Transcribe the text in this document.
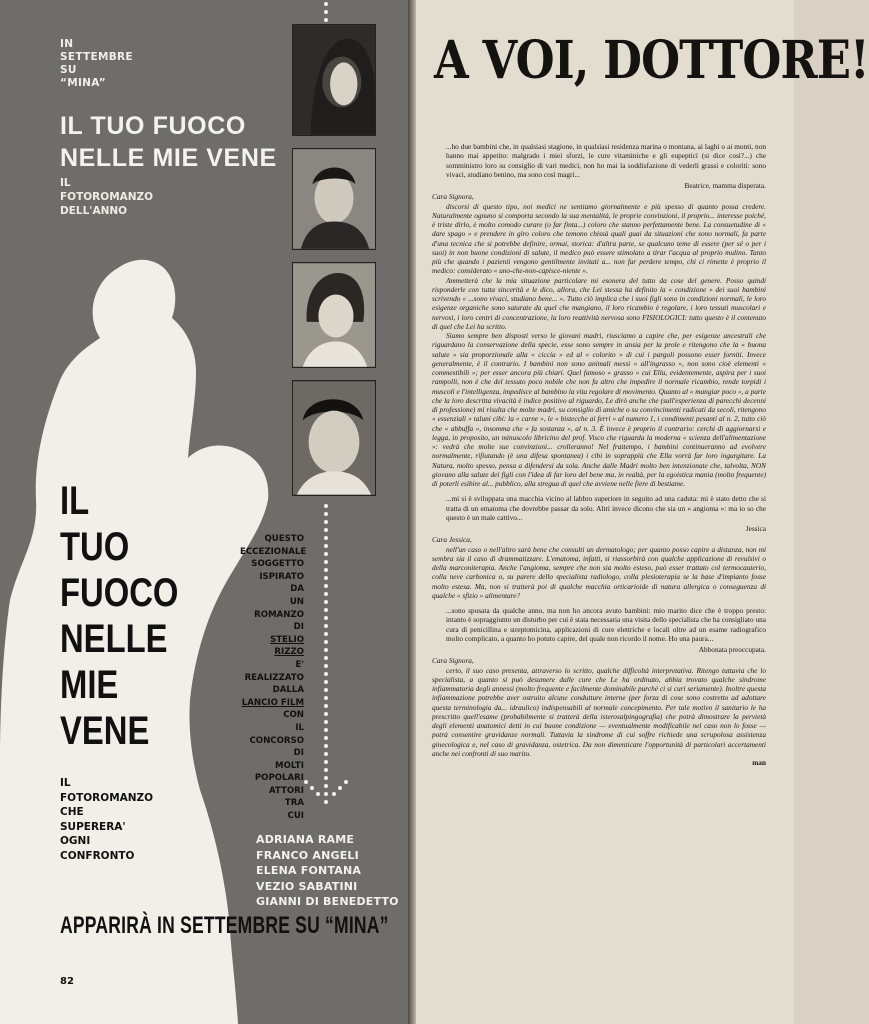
IN
SETTEMBRE
SU
“MINA”
IL TUO FUOCO
NELLE MIE VENE
IL
FOTOROMANZO
DELL'ANNO
IL
TUO
FUOCO
NELLE
MIE
VENE
QUESTO
ECCEZIONALE
SOGGETTO
ISPIRATO
DA
UN
ROMANZO
DI
STELIO RIZZO
E'
REALIZZATO
DALLA
LANCIO FILM
CON
IL
CONCORSO
DI
MOLTI
POPOLARI
ATTORI
TRA
CUI
IL
FOTOROMANZO
CHE
SUPERERA'
OGNI
CONFRONTO
ADRIANA RAME
FRANCO ANGELI
ELENA FONTANA
VEZIO SABATINI
GIANNI DI BENEDETTO
APPARIRÀ IN SETTEMBRE SU “MINA”
82
A VOI, DOTTORE!

...ho due bambini che, in qualsiasi stagione, in qualsiasi residenza marina o montana, ai laghi o ai monti, non hanno mai appetito: malgrado i miei sforzi, le cure vitaminiche e gli eupeptici (si dice così?...) che somministro loro su consiglio di vari medici, non ho mai la soddisfazione di vederli grassi e coloriti: sono vivaci, studiano benino, ma sono così magri...

Beatrice, mamma disperata.

Cara Signora,

discorsi di questo tipo, noi medici ne sentiamo giornalmente e più spesso di quanto possa credere. Naturalmente ognuno si comporta secondo la sua mentalità, le proprie convinzioni, il proprio... interesse poiché, è triste dirlo, è molto comodo curare (o far finta...) coloro che stanno perfettamente bene. La consuetudine di « dare spago » e prendere in giro coloro che temono chissà quali guai da situazioni che sono normali, fa parte d'una tecnica che si potrebbe definire, ormai, storica: d'altra parte, se qualcuno teme di essere (per sé o per i suoi) in non buone condizioni di salute, il medico può essere stimolato a tirar l'acqua al proprio mulino. Tanto più che quando i pazienti vengono gentilmente invitati a... non far perdere tempo, chi ci rimette è proprio il medico: considerato « uno-che-non-capisce-niente ».

Ammetterà che la mia situazione particolare mi esonera del tutto da cose del genere. Posso quindi risponderle con tutta sincerità e le dico, allora, che Lei stessa ha definito la « condizione » dei suoi bambini scrivendo « ...sono vivaci, studiano bene... ». Tutto ciò implica che i suoi figli sono in condizioni normali, le loro esigenze organiche sono saturate da quel che mangiano, il loro ricambio è regolare, i loro tessuti muscolari e nervosi, i loro centri di concentrazione, la loro reattività nervosa sono FISIOLOGICI: tutto questo è il contenuto di quel che Lei ha scritto.

Siamo sempre ben disposti verso le giovani madri, riusciamo a capire che, per esigenze ancestrali che riguardano la conservazione della specie, esse sono sempre in ansia per la prole e ritengono che la « buona salute » sia proporzionale alla « ciccia » ed al « colorito » di cui i pargoli possono esser forniti. Invece generalmente, è il contrario. I bambini non sono animali messi « all'ingrasso », non sono cioè elementi « commestibili »; per esser ancora più chiari. Quel famoso « grasso » cui Ella, evidentemente, aspira per i suoi rampolli, non è che del tessuto poco nobile che non fa altro che impedire il normale ricambio, rende torpidi i muscoli e l'intelligenza, impedisce al bambino la vita regolare di movimento. Quanto al « mangiar poco », a parte che la loro descritta vivacità è indice positivo al riguardo, Le dirò anche che (sull'esperienza di parecchi decenni di professione) mi risulta che molte madri, su consiglio di amiche o su convincimenti radicati da secoli, ritengono « essenziali » taluni cibi: la « carne », le « bistecche ai ferri » al numero 1, i condimenti pesanti al n. 2, tutto ciò che « abbuffa », insomma che « fa sostanza », al n. 3. È invece è proprio il contrario: cerchi di aggiornarsi e legga, in proposito, un minuscolo libricino del prof. Visco che riguarda la moderna « scienza dell'alimentazione »: vedrà che molte sue convinzioni... crolleranno! Nel frattempo, i bambini continueranno ad evolvere normalmente, rifiutando (è una difesa spontanea) i cibi in soprappiù che Ella vorrà far loro ingurgitare. La Natura, molto spesso, pensa a difendersi da sola. Anche dalle Madri molto ben intenzionate che, talvolta, NON giovano alla salute dei figli con l'idea di far loro del bene ma, in realtà, per la egoistica mania (molto frequente) di poterli esibire al... pubblico, alla stregua di quel che avviene nelle fiere di bestiame.

...mi si è sviluppata una macchia vicino al labbro superiore in seguito ad una caduta: mi è stato detto che si tratta di un ematoma che dovrebbe passar da solo. Altri invece dicono che sia un « angioma »: ma io so che questo è un male cattivo...

Jessica

Cara Jessica,

nell'un caso o nell'altro sarà bene che consulti un dermatologo; per quanto posso capire a distanza, non mi sembra sia il caso di drammatizzare. L'ematoma, infatti, si riassorbirà con qualche applicazione di revulsivi o della marconiterapia. Anche l'angioma, sempre che non sia molto esteso, può esser trattato col termocauterio, colla neve carbonica o, su parere dello specialista radiologo, colla plesioterapia se la base d'impianto fosse molto estesa. Ma, non si tratterà poi di qualche macchia orticarioide di natura allergica o conseguenza di qualche « sfizio » alimentare?

...sono sposata da qualche anno, ma non ho ancora avuto bambini: mio marito dice che è troppo presto: intanto è sopraggiunto un disturbo per cui è stata necessaria una visita dello specialista che ha consigliato una cura di penicillina e streptomicina, applicazioni di cure elettriche e locali oltre ad un esame radiografico molto complicato, a quanto ho potuto capire, del quale non ricordo il nome. Ho una paura...

Abbonata preoccupata.

Cara Signora,

certo, il suo caso presenta, attraverso lo scritto, qualche difficoltà interpretativa. Ritengo tuttavia che lo specialista, a quanto si può desumere dalle cure che Le ha ordinato, abbia trovato qualche sindrome infiammatoria degli annessi (molto frequente e facilmente dominabile purché ci si curi seriamente). Inoltre questa infiammazione potrebbe aver ostruito alcune condutture interne (per forza di cose sono costretto ad adottare questa terminologia da... idraulico) indispensabili al normale concepimento. Per tale motivo il sanitario le ha prescritto quell'esame (probabilmente si tratterà della isterosalpingografia) che potrà dimostrare la pervietà degli elementi anatomici detti in cui buone condizione — eventualmente modificabile nel caso non lo fosse — potrà consentire gravidanze normali. Tuttavia la sindrome di cui soffre richiede una scrupolosa assistenza ginecologica e, nel caso di gravidanza, ostetrica. Da non dimenticare l'opportunità di particolari accertamenti anche nei confronti di suo marito.

man
